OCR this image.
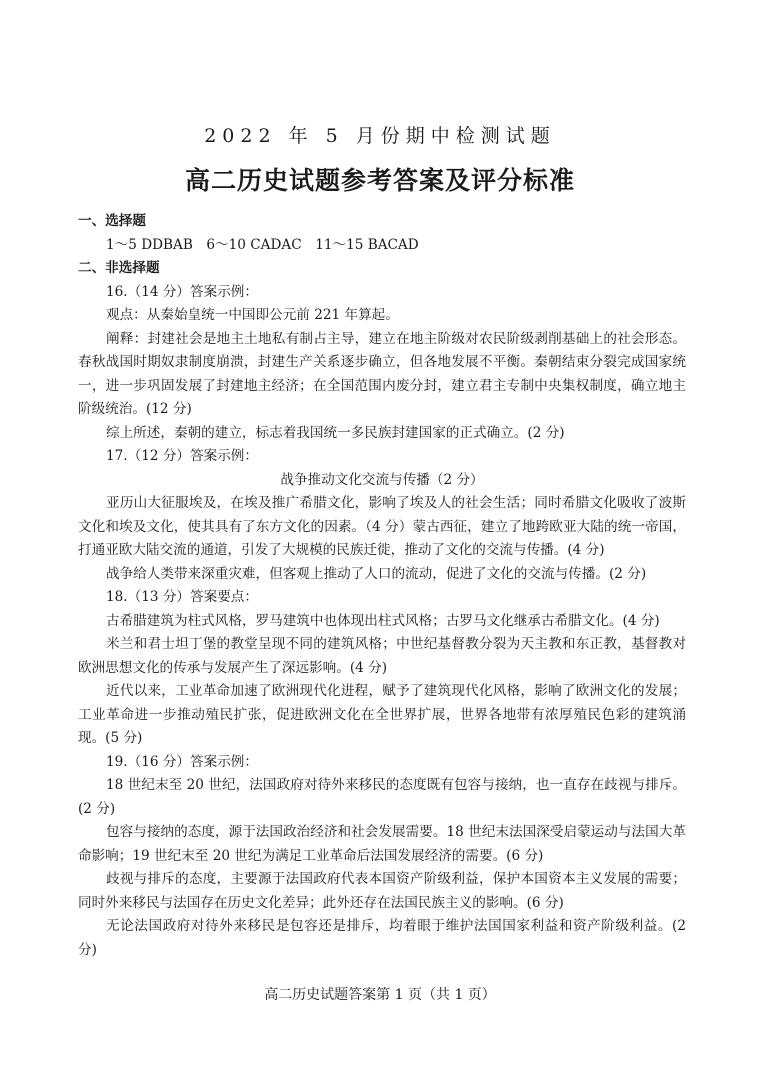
2022 年 5 月份期中检测试题
高二历史试题参考答案及评分标准

一、选择题

1～5 DDBAB　6～10 CADAC　11～15 BACAD

二、非选择题

16.（14 分）答案示例：

观点：从秦始皇统一中国即公元前 221 年算起。

阐释：封建社会是地主土地私有制占主导，建立在地主阶级对农民阶级剥削基础上的社会形态。春秋战国时期奴隶制度崩溃，封建生产关系逐步确立，但各地发展不平衡。秦朝结束分裂完成国家统一，进一步巩固发展了封建地主经济；在全国范围内废分封，建立君主专制中央集权制度，确立地主阶级统治。(12 分)

综上所述，秦朝的建立，标志着我国统一多民族封建国家的正式确立。(2 分)

17.（12 分）答案示例：

战争推动文化交流与传播（2 分）

亚历山大征服埃及，在埃及推广希腊文化，影响了埃及人的社会生活；同时希腊文化吸收了波斯文化和埃及文化，使其具有了东方文化的因素。（4 分）蒙古西征，建立了地跨欧亚大陆的统一帝国，打通亚欧大陆交流的通道，引发了大规模的民族迁徙，推动了文化的交流与传播。(4 分)

战争给人类带来深重灾难，但客观上推动了人口的流动，促进了文化的交流与传播。(2 分)

18.（13 分）答案要点：

古希腊建筑为柱式风格，罗马建筑中也体现出柱式风格；古罗马文化继承古希腊文化。(4 分)

米兰和君士坦丁堡的教堂呈现不同的建筑风格；中世纪基督教分裂为天主教和东正教，基督教对欧洲思想文化的传承与发展产生了深远影响。(4 分)

近代以来，工业革命加速了欧洲现代化进程，赋予了建筑现代化风格，影响了欧洲文化的发展；工业革命进一步推动殖民扩张，促进欧洲文化在全世界扩展，世界各地带有浓厚殖民色彩的建筑涌现。(5 分)

19.（16 分）答案示例：

18 世纪末至 20 世纪，法国政府对待外来移民的态度既有包容与接纳，也一直存在歧视与排斥。(2 分)

包容与接纳的态度，源于法国政治经济和社会发展需要。18 世纪末法国深受启蒙运动与法国大革命影响；19 世纪末至 20 世纪为满足工业革命后法国发展经济的需要。(6 分)

歧视与排斥的态度，主要源于法国政府代表本国资产阶级利益，保护本国资本主义发展的需要；同时外来移民与法国存在历史文化差异；此外还存在法国民族主义的影响。(6 分)

无论法国政府对待外来移民是包容还是排斥，均着眼于维护法国国家利益和资产阶级利益。(2 分)

高二历史试题答案第 1 页（共 1 页）
